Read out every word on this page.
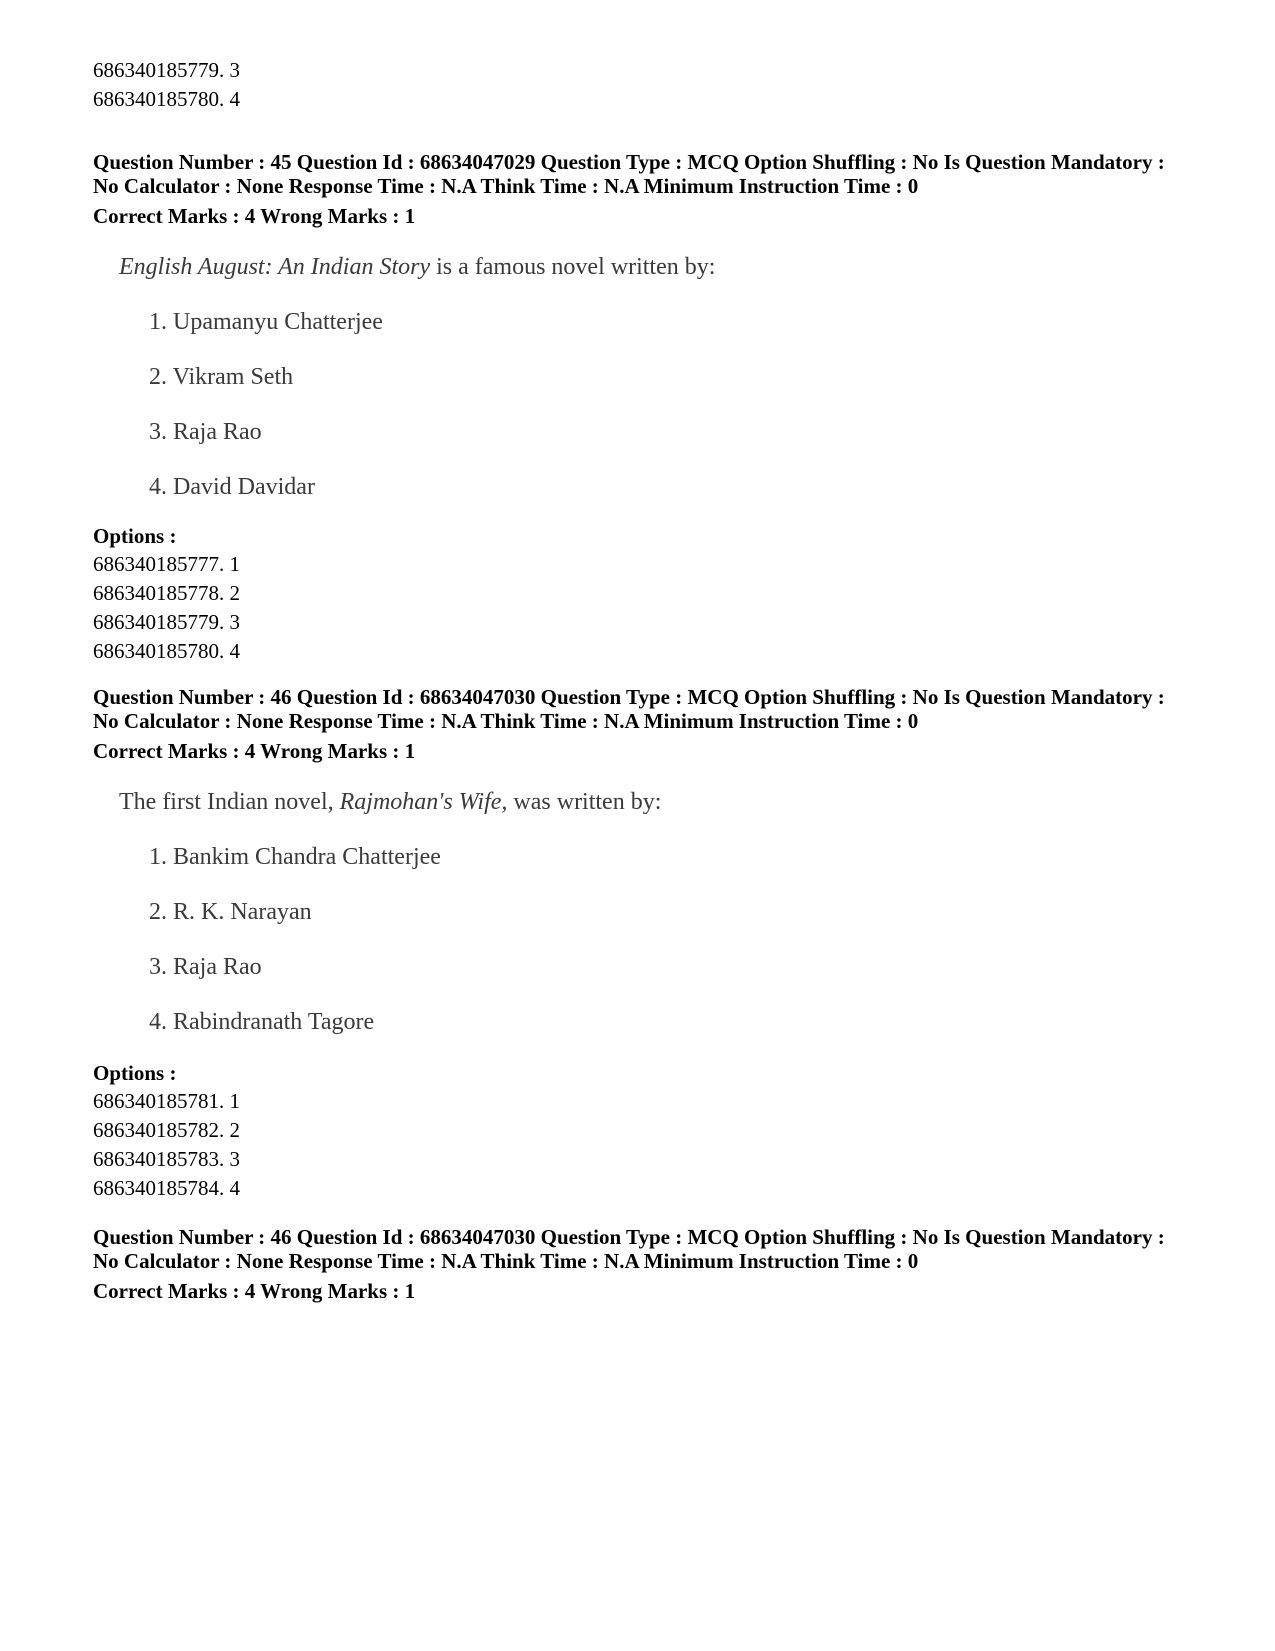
686340185779. 3
686340185780. 4
Question Number : 45 Question Id : 68634047029 Question Type : MCQ Option Shuffling : No Is Question Mandatory :
No Calculator : None Response Time : N.A Think Time : N.A Minimum Instruction Time : 0
Correct Marks : 4 Wrong Marks : 1
English August: An Indian Story is a famous novel written by:
1. Upamanyu Chatterjee
2. Vikram Seth
3. Raja Rao
4. David Davidar
Options :
686340185777. 1
686340185778. 2
686340185779. 3
686340185780. 4
Question Number : 46 Question Id : 68634047030 Question Type : MCQ Option Shuffling : No Is Question Mandatory :
No Calculator : None Response Time : N.A Think Time : N.A Minimum Instruction Time : 0
Correct Marks : 4 Wrong Marks : 1
The first Indian novel, Rajmohan's Wife, was written by:
1. Bankim Chandra Chatterjee
2. R. K. Narayan
3. Raja Rao
4. Rabindranath Tagore
Options :
686340185781. 1
686340185782. 2
686340185783. 3
686340185784. 4
Question Number : 46 Question Id : 68634047030 Question Type : MCQ Option Shuffling : No Is Question Mandatory :
No Calculator : None Response Time : N.A Think Time : N.A Minimum Instruction Time : 0
Correct Marks : 4 Wrong Marks : 1
